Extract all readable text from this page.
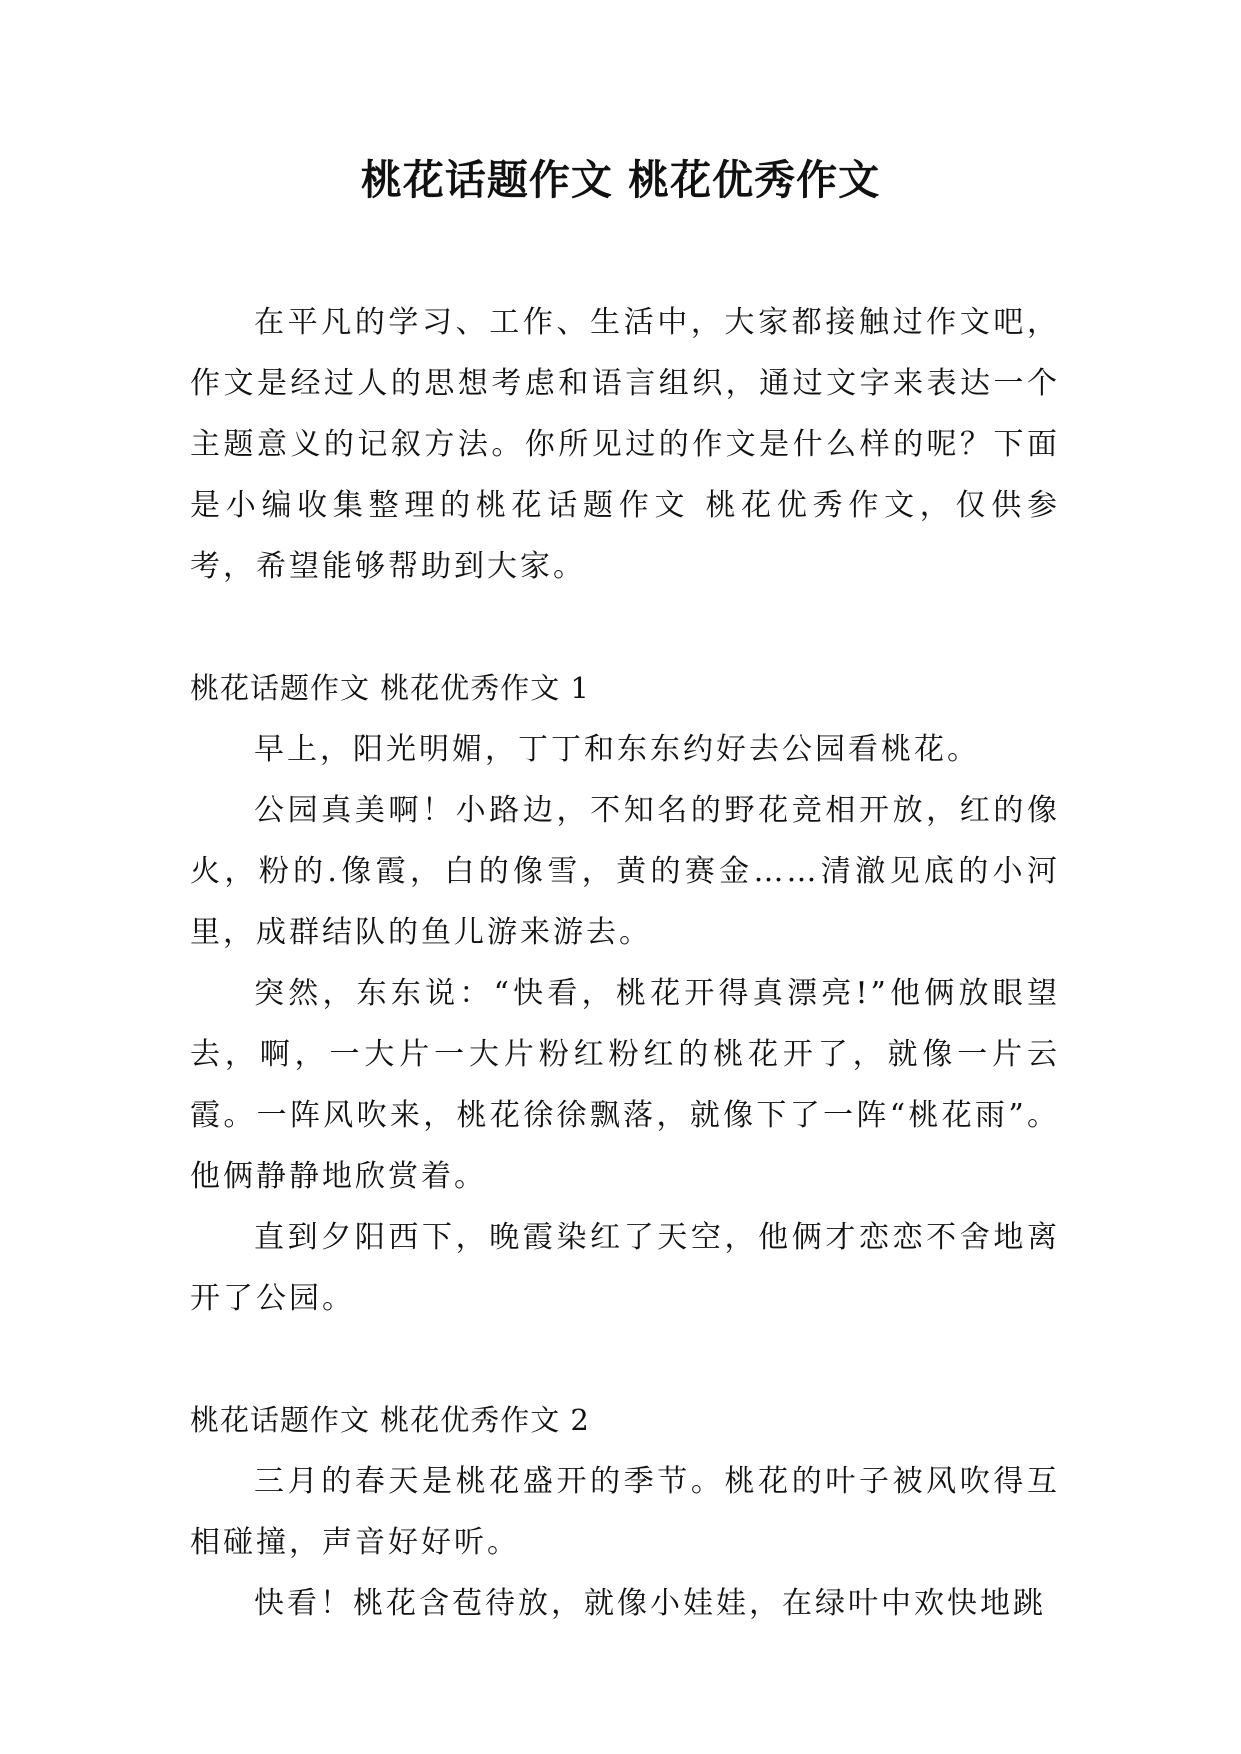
桃花话题作文 桃花优秀作文

在平凡的学习、工作、生活中，大家都接触过作文吧，作文是经过人的思想考虑和语言组织，通过文字来表达一个主题意义的记叙方法。你所见过的作文是什么样的呢？下面是小编收集整理的桃花话题作文 桃花优秀作文，仅供参考，希望能够帮助到大家。

桃花话题作文 桃花优秀作文 1

早上，阳光明媚，丁丁和东东约好去公园看桃花。

公园真美啊！小路边，不知名的野花竞相开放，红的像火，粉的.像霞，白的像雪，黄的赛金……清澈见底的小河里，成群结队的鱼儿游来游去。

突然，东东说：“快看，桃花开得真漂亮!”他俩放眼望去，啊，一大片一大片粉红粉红的桃花开了，就像一片云霞。一阵风吹来，桃花徐徐飘落，就像下了一阵“桃花雨”。他俩静静地欣赏着。

直到夕阳西下，晚霞染红了天空，他俩才恋恋不舍地离开了公园。

桃花话题作文 桃花优秀作文 2

三月的春天是桃花盛开的季节。桃花的叶子被风吹得互相碰撞，声音好好听。

快看！桃花含苞待放，就像小娃娃，在绿叶中欢快地跳
